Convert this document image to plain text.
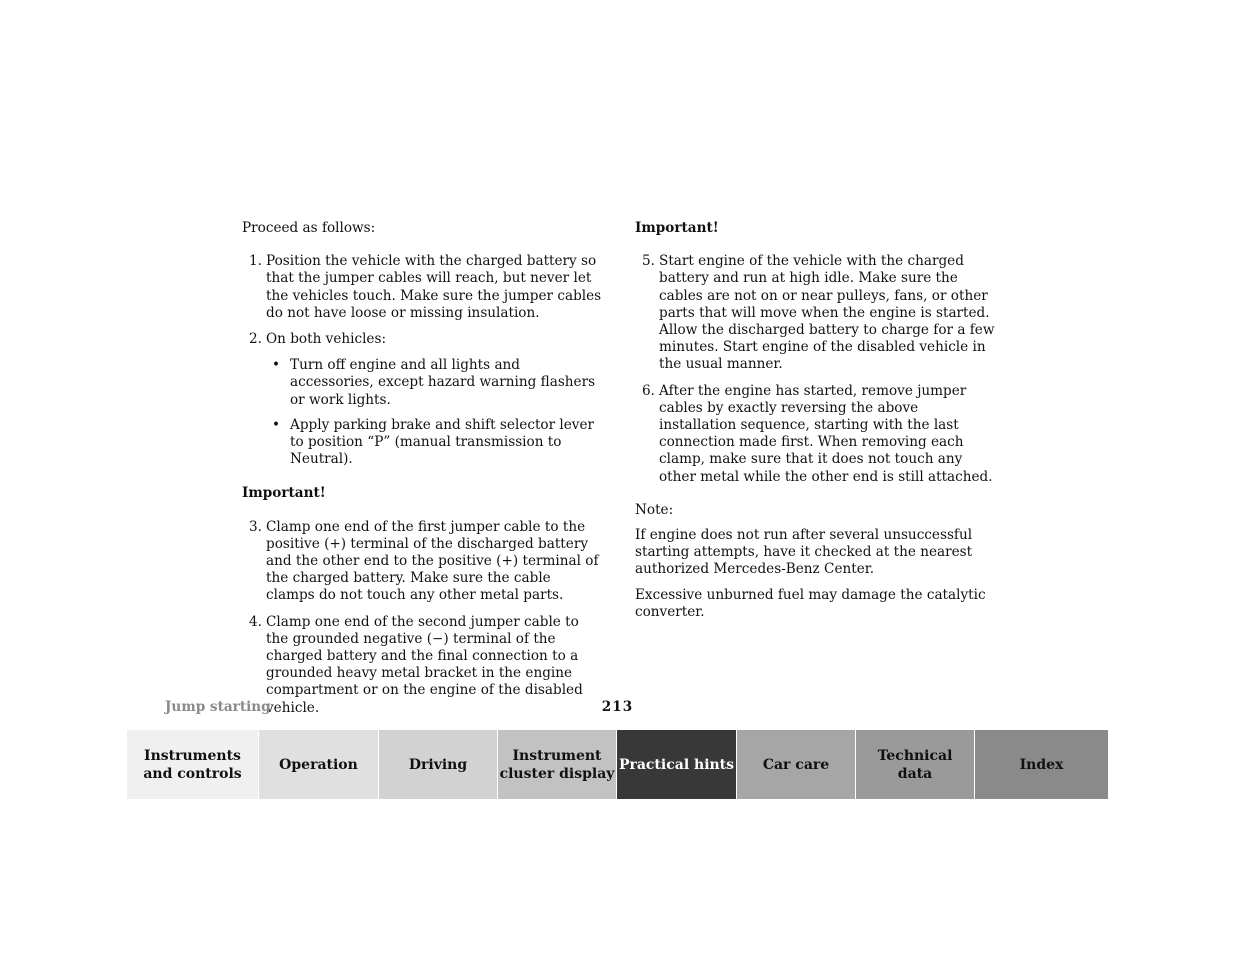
Proceed as follows:

1. Position the vehicle with the charged battery so that the jumper cables will reach, but never let the vehicles touch. Make sure the jumper cables do not have loose or missing insulation.
2. On both vehicles:
• Turn off engine and all lights and accessories, except hazard warning flashers or work lights.
• Apply parking brake and shift selector lever to position “P” (manual transmission to Neutral).

Important!

3. Clamp one end of the first jumper cable to the positive (+) terminal of the discharged battery and the other end to the positive (+) terminal of the charged battery. Make sure the cable clamps do not touch any other metal parts.
4. Clamp one end of the second jumper cable to the grounded negative (−) terminal of the charged battery and the final connection to a grounded heavy metal bracket in the engine compartment or on the engine of the disabled vehicle.

Important!

5. Start engine of the vehicle with the charged battery and run at high idle. Make sure the cables are not on or near pulleys, fans, or other parts that will move when the engine is started. Allow the discharged battery to charge for a few minutes. Start engine of the disabled vehicle in the usual manner.
6. After the engine has started, remove jumper cables by exactly reversing the above installation sequence, starting with the last connection made first. When removing each clamp, make sure that it does not touch any other metal while the other end is still attached.

Note:

If engine does not run after several unsuccessful starting attempts, have it checked at the nearest authorized Mercedes-Benz Center.

Excessive unburned fuel may damage the catalytic converter.

Jump starting	213
Instruments
and controls
Operation	Driving
Instrument
cluster display
Practical hints Car care
Technical
data
Index
